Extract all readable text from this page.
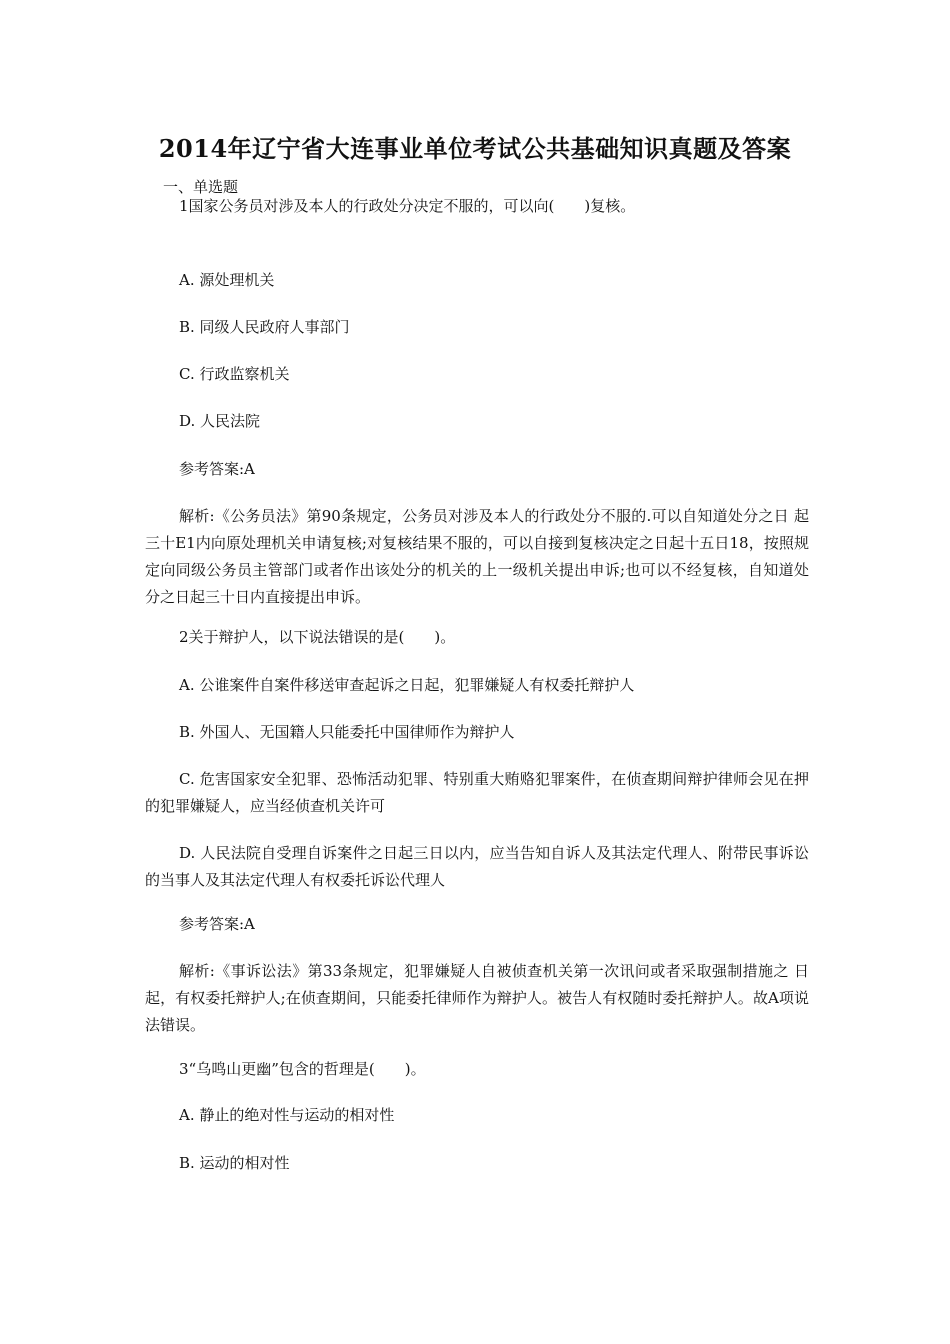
2014年辽宁省大连事业单位考试公共基础知识真题及答案
一、单选题

1国家公务员对涉及本人的行政处分决定不服的，可以向(　　)复核。

A. 源处理机关

B. 同级人民政府人事部门

C. 行政监察机关

D. 人民法院

参考答案:A

解析:《公务员法》第90条规定，公务员对涉及本人的行政处分不服的.可以自知道处分之日 起三十E1内向原处理机关申请复核;对复核结果不服的，可以自接到复核决定之日起十五日18，按照规定向同级公务员主管部门或者作出该处分的机关的上一级机关提出申诉;也可以不经复核，自知道处分之日起三十日内直接提出申诉。

2关于辩护人，以下说法错误的是(　　)。

A. 公谁案件自案件移送审查起诉之日起，犯罪嫌疑人有权委托辩护人

B. 外国人、无国籍人只能委托中国律师作为辩护人

C. 危害国家安全犯罪、恐怖活动犯罪、特别重大贿赂犯罪案件，在侦查期间辩护律师会见在押的犯罪嫌疑人，应当经侦查机关许可

D. 人民法院自受理自诉案件之日起三日以内，应当告知自诉人及其法定代理人、附带民事诉讼的当事人及其法定代理人有权委托诉讼代理人

参考答案:A

解析:《事诉讼法》第33条规定，犯罪嫌疑人自被侦查机关第一次讯问或者采取强制措施之 日起，有权委托辩护人;在侦查期间，只能委托律师作为辩护人。被告人有权随时委托辩护人。故A项说法错误。

3“乌鸣山更幽”包含的哲理是(　　)。

A. 静止的绝对性与运动的相对性

B. 运动的相对性
